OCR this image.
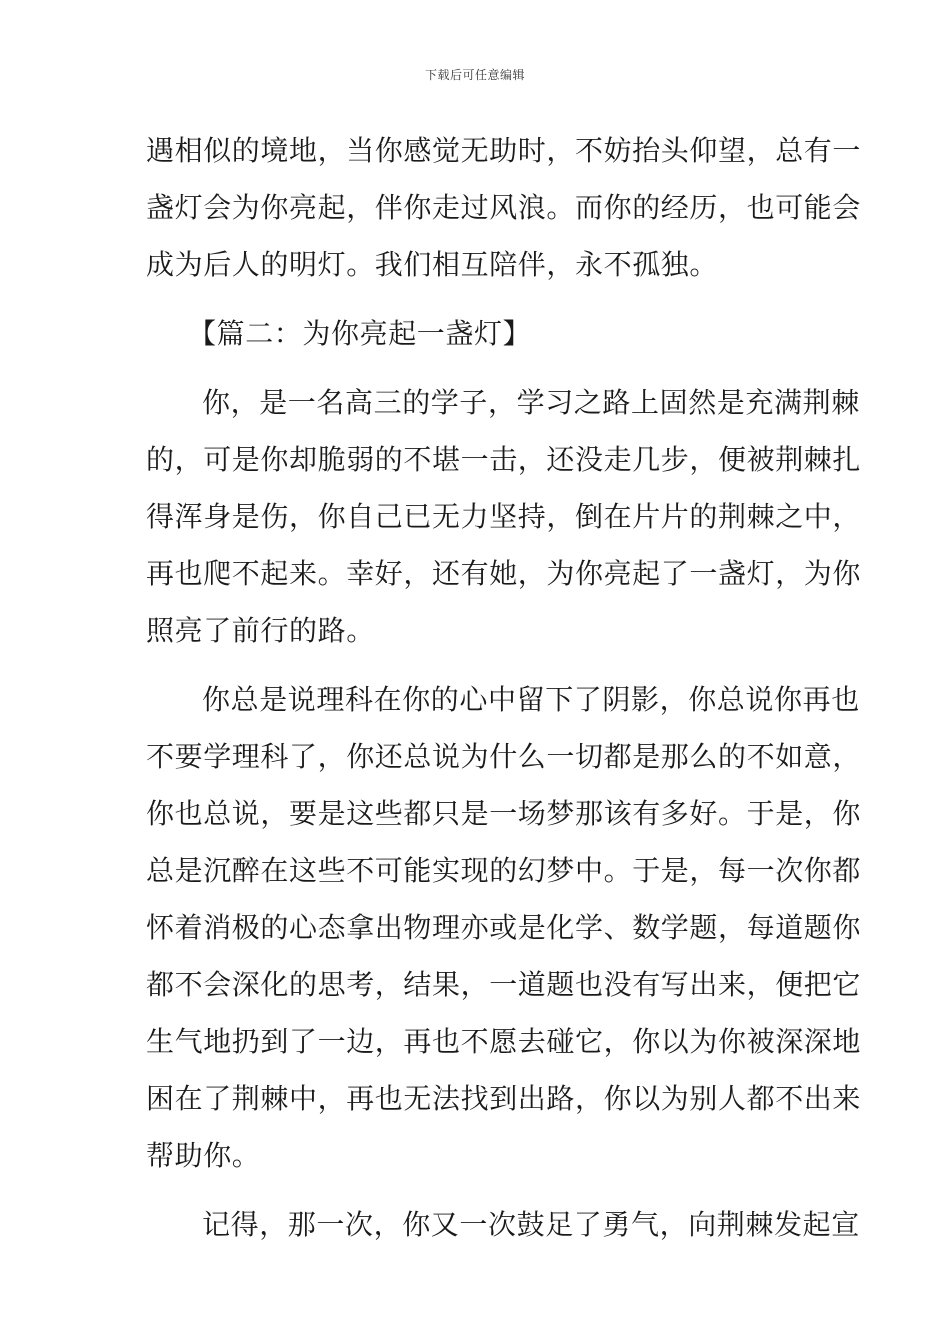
下载后可任意编辑
遇相似的境地，当你感觉无助时，不妨抬头仰望，总有一
盏灯会为你亮起，伴你走过风浪。而你的经历，也可能会
成为后人的明灯。我们相互陪伴，永不孤独。
【篇二：为你亮起一盏灯】
你，是一名高三的学子，学习之路上固然是充满荆棘
的，可是你却脆弱的不堪一击，还没走几步，便被荆棘扎
得浑身是伤，你自己已无力坚持，倒在片片的荆棘之中，
再也爬不起来。幸好，还有她，为你亮起了一盏灯，为你
照亮了前行的路。
你总是说理科在你的心中留下了阴影，你总说你再也
不要学理科了，你还总说为什么一切都是那么的不如意，
你也总说，要是这些都只是一场梦那该有多好。于是，你
总是沉醉在这些不可能实现的幻梦中。于是，每一次你都
怀着消极的心态拿出物理亦或是化学、数学题，每道题你
都不会深化的思考，结果，一道题也没有写出来，便把它
生气地扔到了一边，再也不愿去碰它，你以为你被深深地
困在了荆棘中，再也无法找到出路，你以为别人都不出来
帮助你。
记得，那一次，你又一次鼓足了勇气，向荆棘发起宣
